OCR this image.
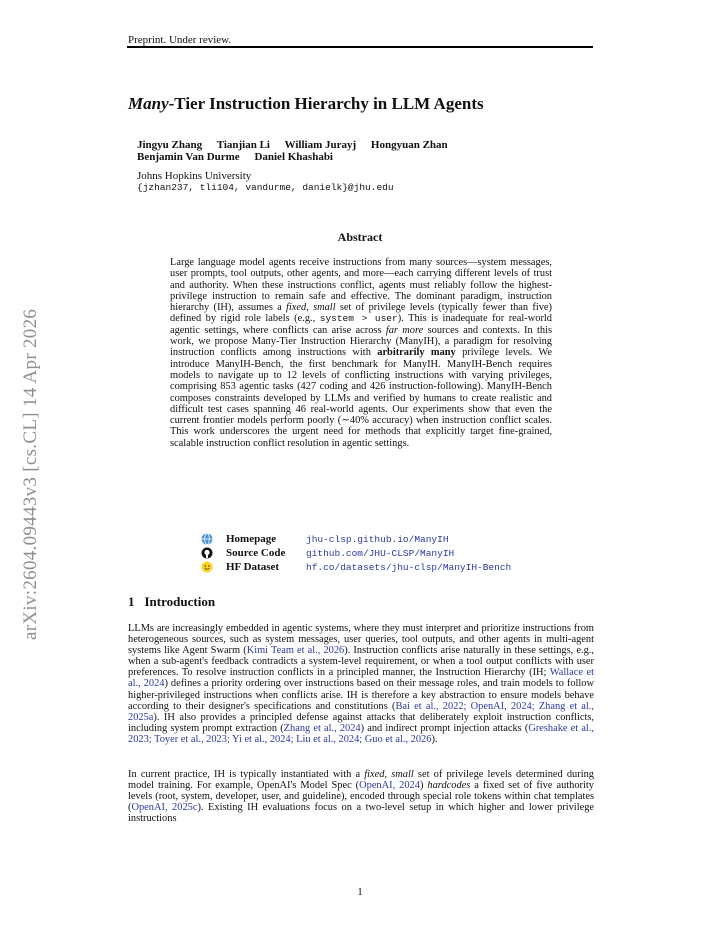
arXiv:2604.09443v3 [cs.CL] 14 Apr 2026
Preprint. Under review.
Many-Tier Instruction Hierarchy in LLM Agents
Jingyu Zhang Tianjian Li William Jurayj Hongyuan Zhan
Benjamin Van Durme Daniel Khashabi
Johns Hopkins University
{jzhan237, tli104, vandurme, danielk}@jhu.edu
Abstract
Large language model agents receive instructions from many sources—system messages, user prompts, tool outputs, other agents, and more—each carrying different levels of trust and authority. When these instructions conflict, agents must reliably follow the highest-privilege instruction to remain safe and effective. The dominant paradigm, instruction hierarchy (IH), assumes a fixed, small set of privilege levels (typically fewer than five) defined by rigid role labels (e.g., system > user). This is inadequate for real-world agentic settings, where conflicts can arise across far more sources and contexts. In this work, we propose Many-Tier Instruction Hierarchy (ManyIH), a paradigm for resolving instruction conflicts among instructions with arbitrarily many privilege levels. We introduce ManyIH-Bench, the first benchmark for ManyIH. ManyIH-Bench requires models to navigate up to 12 levels of conflicting instructions with varying privileges, comprising 853 agentic tasks (427 coding and 426 instruction-following). ManyIH-Bench composes constraints developed by LLMs and verified by humans to create realistic and difficult test cases spanning 46 real-world agents. Our experiments show that even the current frontier models perform poorly (∼40% accuracy) when instruction conflict scales. This work underscores the urgent need for methods that explicitly target fine-grained, scalable instruction conflict resolution in agentic settings.
Homepage	jhu-clsp.github.io/ManyIH
Source Code	github.com/JHU-CLSP/ManyIH
HF Dataset	hf.co/datasets/jhu-clsp/ManyIH-Bench
1 Introduction
LLMs are increasingly embedded in agentic systems, where they must interpret and prioritize instructions from heterogeneous sources, such as system messages, user queries, tool outputs, and other agents in multi-agent systems like Agent Swarm (Kimi Team et al., 2026). Instruction conflicts arise naturally in these settings, e.g., when a sub-agent's feedback contradicts a system-level requirement, or when a tool output conflicts with user preferences. To resolve instruction conflicts in a principled manner, the Instruction Hierarchy (IH; Wallace et al., 2024) defines a priority ordering over instructions based on their message roles, and train models to follow higher-privileged instructions when conflicts arise. IH is therefore a key abstraction to ensure models behave according to their designer's specifications and constitutions (Bai et al., 2022; OpenAI, 2024; Zhang et al., 2025a). IH also provides a principled defense against attacks that deliberately exploit instruction conflicts, including system prompt extraction (Zhang et al., 2024) and indirect prompt injection attacks (Greshake et al., 2023; Toyer et al., 2023; Yi et al., 2024; Liu et al., 2024; Guo et al., 2026).
In current practice, IH is typically instantiated with a fixed, small set of privilege levels determined during model training. For example, OpenAI's Model Spec (OpenAI, 2024) hardcodes a fixed set of five authority levels (root, system, developer, user, and guideline), encoded through special role tokens within chat templates (OpenAI, 2025c). Existing IH evaluations focus on a two-level setup in which higher and lower privilege instructions
1
